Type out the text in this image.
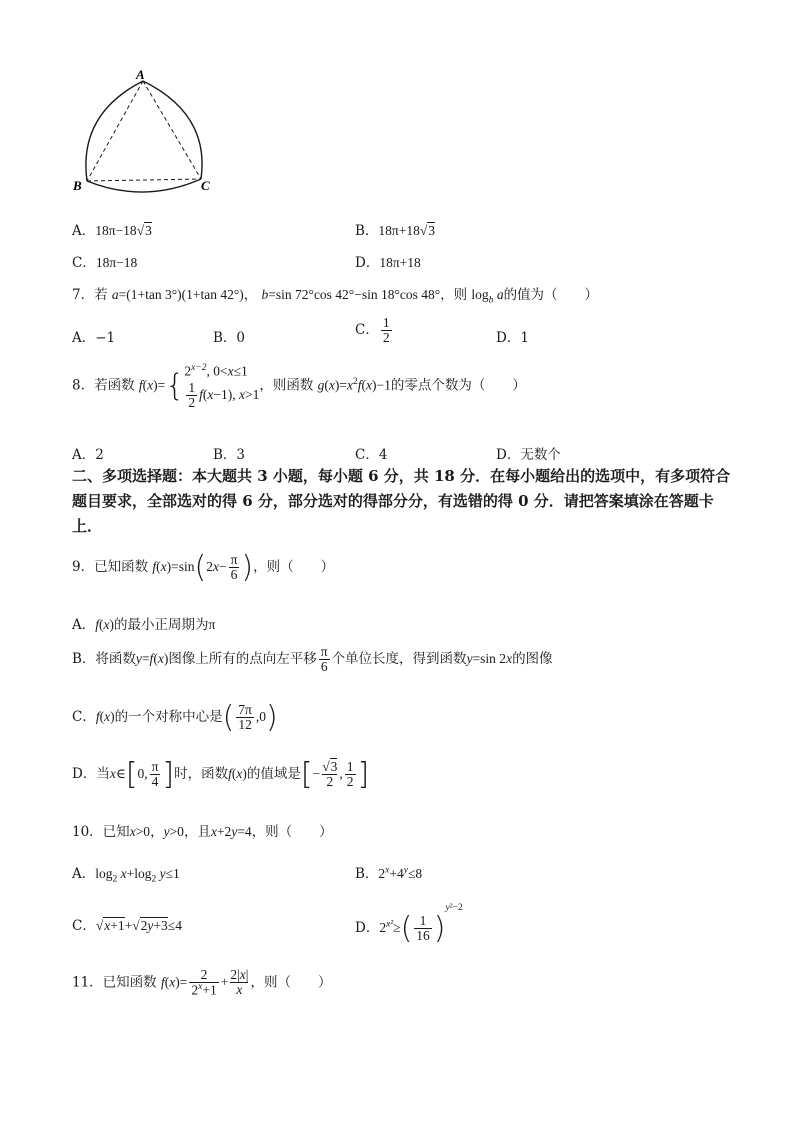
A
B	C
A．18π−18√3	B．18π+18√3
C．18π−18	D．18π+18
7．若 a=(1+tan 3°)(1+tan 42°)， b=sin 72°cos 42°−sin 18°cos 48°，则 $\log_b a$的值为（　　）
A．−1	B．0	C． $\frac{1}{2}$	D．1
8．若函数 f(x)={ $2^{x-2}$, 0<x≤1
$\frac{1}{2} f(x-1)$, x>1
，则函数 $g(x)=x^2f(x)-1$的零点个数为（　　）
A．2	B．3	C．4	D．无数个
二、多项选择题：本大题共 3 小题，每小题 6 分，共 18 分．在每小题给出的选项中，有多项符合题目要求，全部选对的得 6 分，部分选对的得部分分，有选错的得 0 分．请把答案填涂在答题卡上．
9．已知函数 $f(x)=\sin(2x- \frac{\pi}{6}$ )，则（　　）
A．f(x)的最小正周期为π
B．将函数y=f(x)图像上所有的点向左平移 $\frac{\pi}{6}$ 个单位长度，得到函数y=sin 2x的图像
C．f(x)的一个对称中心是( $\frac{7\pi}{12} ,0$)
D．当x∈[0, $\frac{\pi}{4}$ ]时，函数f(x)的值域是[− $\frac{√3}{2}$ , $\frac{1}{2}$ ]
10．已知x>0，y>0，且x+2y=4，则（　　）
A．$\log_2 x+\log_2$ y≤1	B．$2^x+4^y\le 8$
C．√x+1+√2y+3≤4	D．$2^{x^2}\ge( \frac{1}{16} )^{y^2-2}$
11．已知函数 $f(x)= \frac{2}{2^x+1} + \frac{2|x|}{x}$ ，则（　　）
